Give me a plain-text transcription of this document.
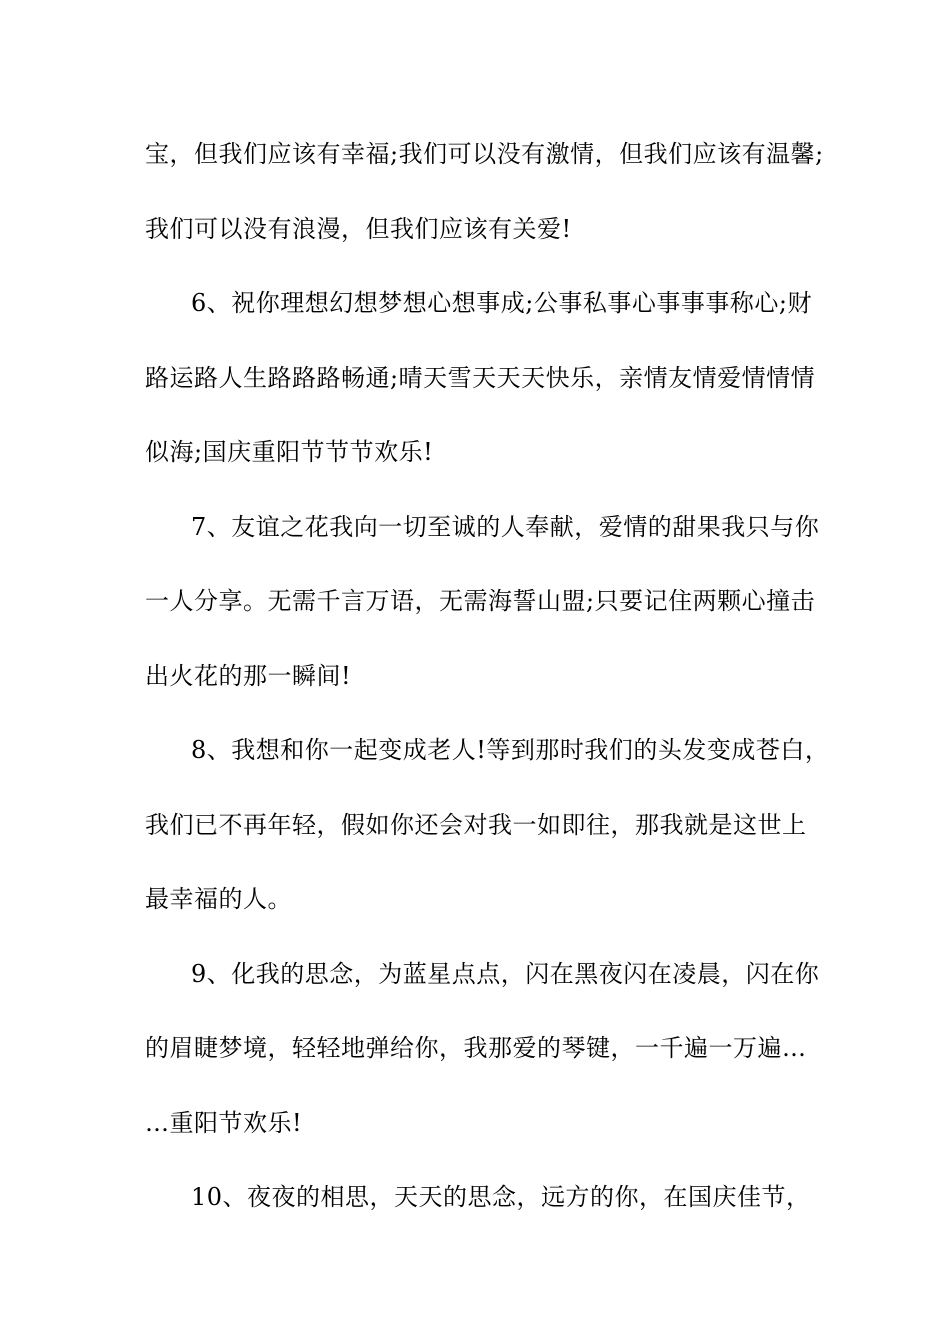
宝，但我们应该有幸福;我们可以没有激情，但我们应该有温馨;
我们可以没有浪漫，但我们应该有关爱!
6、祝你理想幻想梦想心想事成;公事私事心事事事称心;财
路运路人生路路路畅通;晴天雪天天天快乐，亲情友情爱情情情
似海;国庆重阳节节节欢乐!
7、友谊之花我向一切至诚的人奉献，爱情的甜果我只与你
一人分享。无需千言万语，无需海誓山盟;只要记住两颗心撞击
出火花的那一瞬间!
8、我想和你一起变成老人!等到那时我们的头发变成苍白，
我们已不再年轻，假如你还会对我一如即往，那我就是这世上
最幸福的人。
9、化我的思念，为蓝星点点，闪在黑夜闪在凌晨，闪在你
的眉睫梦境，轻轻地弹给你，我那爱的琴键，一千遍一万遍…
…重阳节欢乐!
10、夜夜的相思，天天的思念，远方的你，在国庆佳节，
